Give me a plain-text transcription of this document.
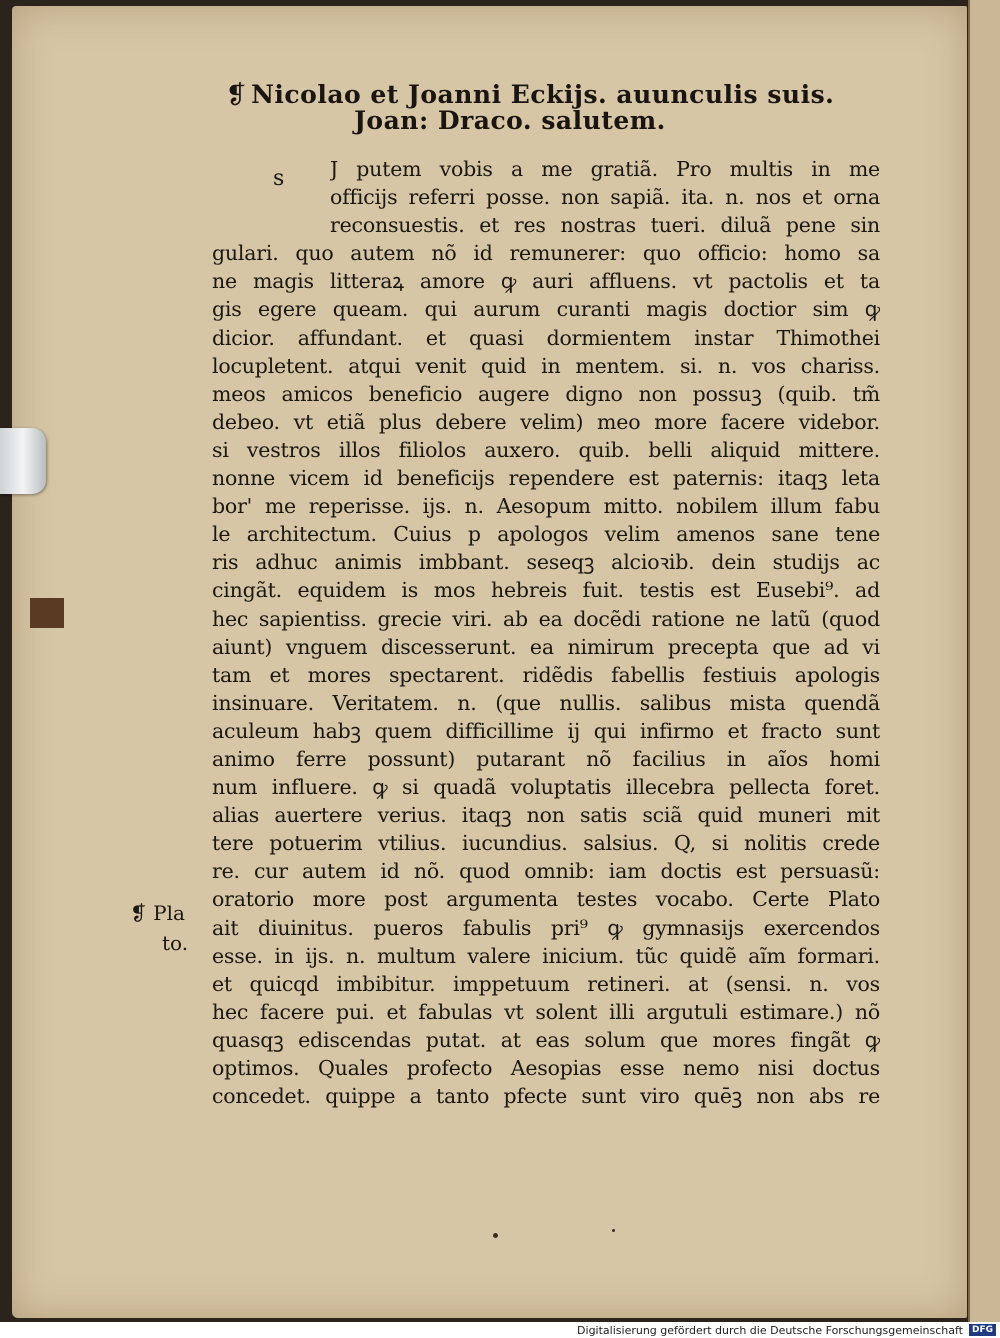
❡ Nicolao et Joanni Eckijs. auunculis suis.
Joan: Draco. salutem.
s J putem vobis a me gratiã. Pro multis in me
officijs referri posse. non sapiã. ita. n. nos et orna
reconsuestis. et res nostras tueri. diluã pene sin
gulari. quo autem nõ id remunerer: quo officio: homo sa
ne magis litteraꝝ amore ꝙ auri affluens. vt pactolis et ta
gis egere queam. qui aurum curanti magis doctior sim ꝙ
dicior. affundant. et quasi dormientem instar Thimothei
locupletent. atqui venit quid in mentem. si. n. vos chariss.
meos amicos beneficio augere digno non possuꝫ (quib. tm̃
debeo. vt etiã plus debere velim) meo more facere videbor.
si vestros illos filiolos auxero. quib. belli aliquid mittere.
nonne vicem id beneficijs rependere est paternis: itaqꝫ leta
bor' me reperisse. ijs. n. Aesopum mitto. nobilem illum fabu
le architectum. Cuius p apologos velim amenos sane tene
ris adhuc animis imbbant. seseqꝫ alcioꝛib. dein studijs ac
cingãt. equidem is mos hebreis fuit. testis est Eusebi⁹. ad
hec sapientiss. grecie viri. ab ea docẽdi ratione ne latũ (quod
aiunt) vnguem discesserunt. ea nimirum precepta que ad vi
tam et mores spectarent. ridẽdis fabellis festiuis apologis
insinuare. Veritatem. n. (que nullis. salibus mista quendã
aculeum habꝫ quem difficillime ij qui infirmo et fracto sunt
animo ferre possunt) putarant nõ facilius in aĩos homi
num influere. ꝙ si quadã voluptatis illecebra pellecta foret.
alias auertere verius. itaqꝫ non satis sciã quid muneri mit
tere potuerim vtilius. iucundius. salsius. Q, si nolitis crede
re. cur autem id nõ. quod omnib: iam doctis est persuasũ:
oratorio more post argumenta testes vocabo. Certe Plato
ait diuinitus. pueros fabulis pri⁹ ꝙ gymnasijs exercendos
esse. in ijs. n. multum valere inicium. tũc quidẽ aĩm formari.
et quicqd imbibitur. imppetuum retineri. at (sensi. n. vos
hec facere pui. et fabulas vt solent illi argutuli estimare.) nõ
quasqꝫ ediscendas putat. at eas solum que mores fingãt ꝙ
optimos. Quales profecto Aesopias esse nemo nisi doctus
concedet. quippe a tanto pfecte sunt viro quēꝫ non abs re
❡ Pla
to.
Digitalisierung gefördert durch die Deutsche Forschungsgemeinschaft	DFG
